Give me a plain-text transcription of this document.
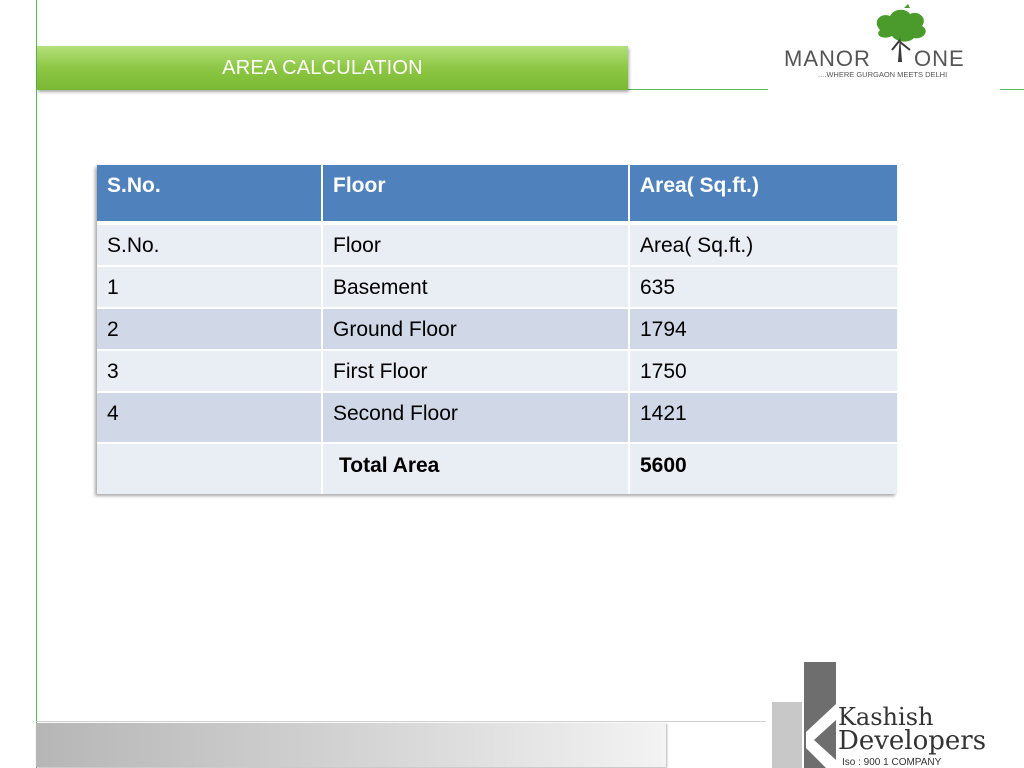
AREA CALCULATION	MANOR ONE
....WHERE GURGAON MEETS DELHI
S.No.	Floor	Area( Sq.ft.)
S.No.	Floor	Area( Sq.ft.)
1	Basement	635
2	Ground Floor	1794
3	First Floor	1750
4	Second Floor	1421
	Total Area	5600
Kashish
Developers
Iso : 900 1 COMPANY
